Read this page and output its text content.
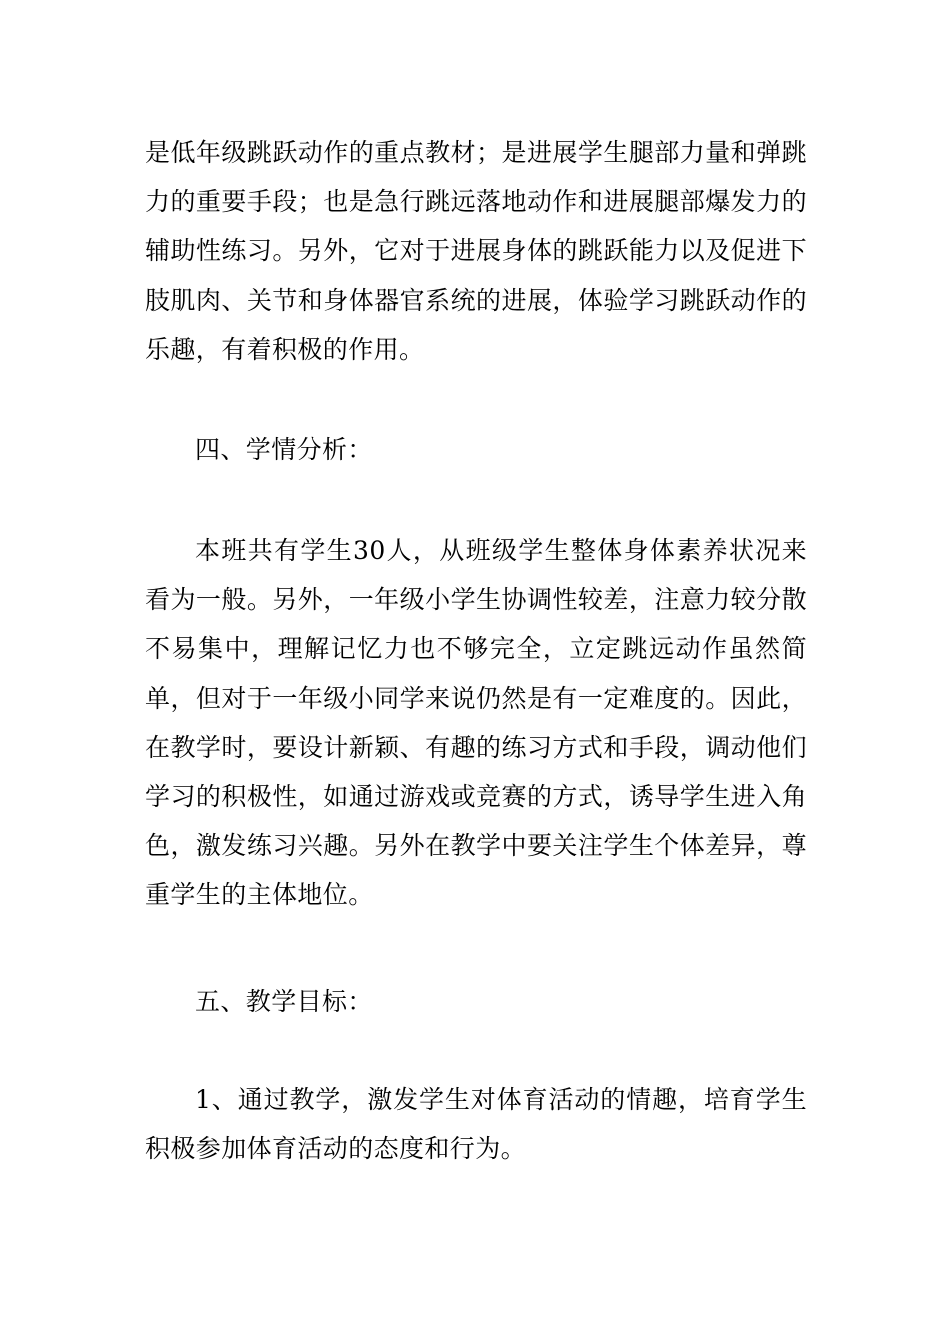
是低年级跳跃动作的重点教材；是进展学生腿部力量和弹跳力的重要手段；也是急行跳远落地动作和进展腿部爆发力的辅助性练习。另外，它对于进展身体的跳跃能力以及促进下肢肌肉、关节和身体器官系统的进展，体验学习跳跃动作的乐趣，有着积极的作用。

四、学情分析：

本班共有学生30人，从班级学生整体身体素养状况来看为一般。另外，一年级小学生协调性较差，注意力较分散不易集中，理解记忆力也不够完全，立定跳远动作虽然简单，但对于一年级小同学来说仍然是有一定难度的。因此，在教学时，要设计新颖、有趣的练习方式和手段，调动他们学习的积极性，如通过游戏或竞赛的方式，诱导学生进入角色，激发练习兴趣。另外在教学中要关注学生个体差异，尊重学生的主体地位。

五、教学目标：

1、通过教学，激发学生对体育活动的情趣，培育学生积极参加体育活动的态度和行为。
